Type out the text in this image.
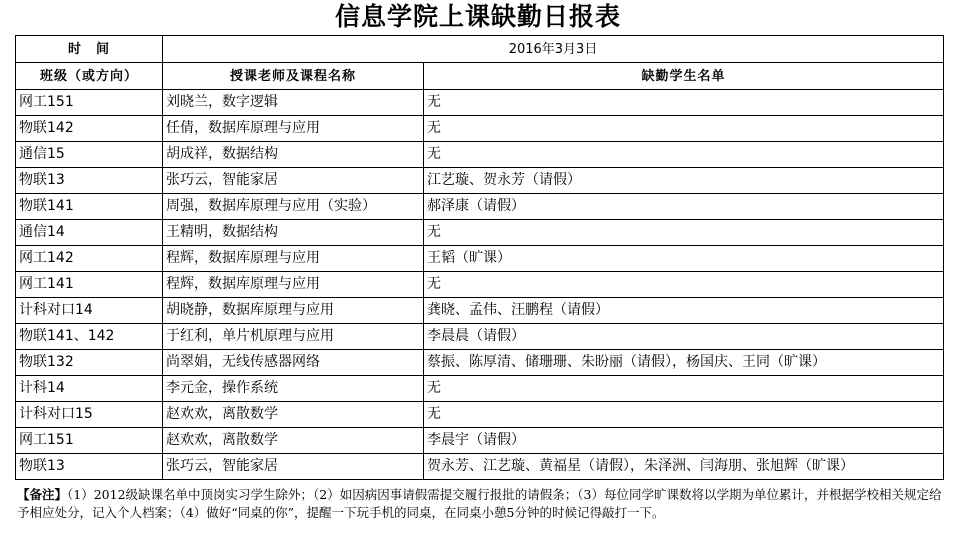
信息学院上课缺勤日报表
时　间	2016年3月3日	
班级（或方向）	授课老师及课程名称	缺勤学生名单
网工151	刘晓兰，数字逻辑	无
物联142	任倩，数据库原理与应用	无
通信15	胡成祥，数据结构	无
物联13	张巧云，智能家居	江艺璇、贺永芳（请假）
物联141	周强，数据库原理与应用（实验）	郝泽康（请假）
通信14	王精明，数据结构	无
网工142	程辉，数据库原理与应用	王韬（旷课）
网工141	程辉，数据库原理与应用	无
计科对口14	胡晓静，数据库原理与应用	龚晓、孟伟、汪鹏程（请假）
物联141、142	于红利，单片机原理与应用	李晨晨（请假）
物联132	尚翠娟，无线传感器网络	蔡振、陈厚清、储珊珊、朱盼丽（请假），杨国庆、王同（旷课）
计科14	李元金，操作系统	无
计科对口15	赵欢欢，离散数学	无
网工151	赵欢欢，离散数学	李晨宇（请假）
物联13	张巧云，智能家居	贺永芳、江艺璇、黄福星（请假），朱泽洲、闫海朋、张旭辉（旷课）
【备注】（1）2012级缺课名单中顶岗实习学生除外；（2）如因病因事请假需提交履行报批的请假条；（3）每位同学旷课数将以学期为单位累计，并根据学校相关规定给予相应处分，记入个人档案；（4）做好“同桌的你”，提醒一下玩手机的同桌，在同桌小憩5分钟的时候记得敲打一下。
